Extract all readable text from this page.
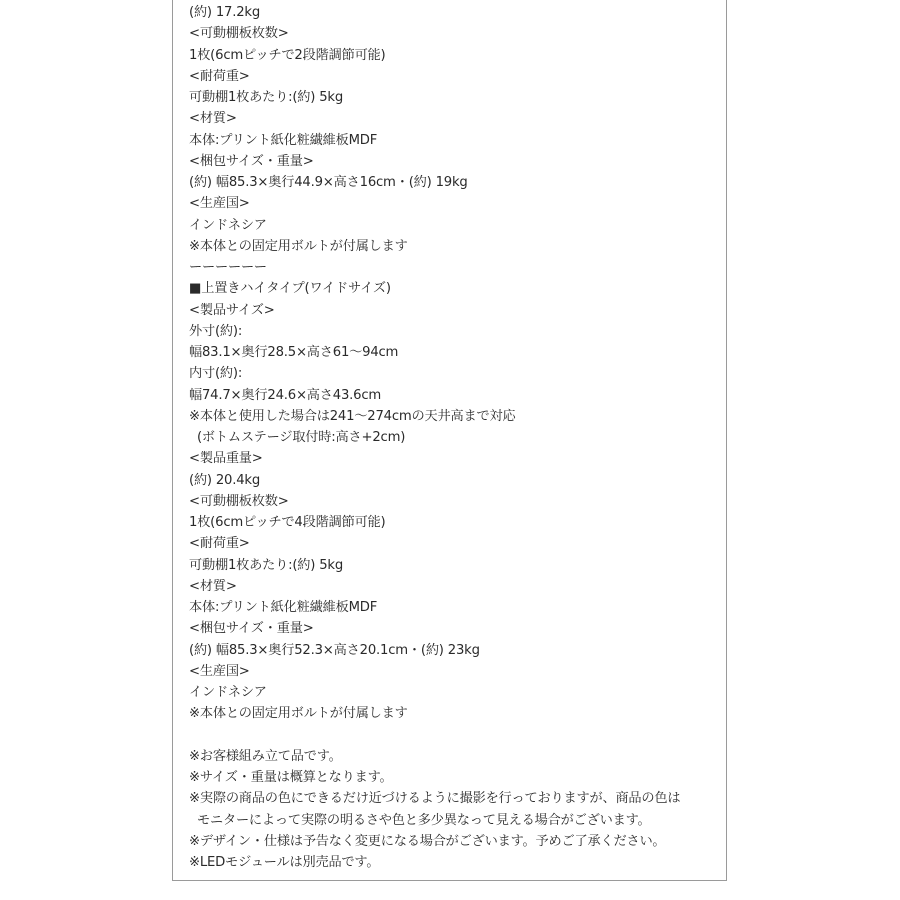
(約) 17.2kg
<可動棚板枚数>
1枚(6cmピッチで2段階調節可能)
<耐荷重>
可動棚1枚あたり:(約) 5kg
<材質>
本体:プリント紙化粧繊維板MDF
<梱包サイズ・重量>
(約) 幅85.3×奥行44.9×高さ16cm・(約) 19kg
<生産国>
インドネシア
※本体との固定用ボルトが付属します
ーーーーーー
■上置きハイタイプ(ワイドサイズ)
<製品サイズ>
外寸(約):
幅83.1×奥行28.5×高さ61〜94cm
内寸(約):
幅74.7×奥行24.6×高さ43.6cm
※本体と使用した場合は241〜274cmの天井高まで対応
(ボトムステージ取付時:高さ+2cm)
<製品重量>
(約) 20.4kg
<可動棚板枚数>
1枚(6cmピッチで4段階調節可能)
<耐荷重>
可動棚1枚あたり:(約) 5kg
<材質>
本体:プリント紙化粧繊維板MDF
<梱包サイズ・重量>
(約) 幅85.3×奥行52.3×高さ20.1cm・(約) 23kg
<生産国>
インドネシア
※本体との固定用ボルトが付属します
※お客様組み立て品です。
※サイズ・重量は概算となります。
※実際の商品の色にできるだけ近づけるように撮影を行っておりますが、商品の色は
モニターによって実際の明るさや色と多少異なって見える場合がございます。
※デザイン・仕様は予告なく変更になる場合がございます。予めご了承ください。
※LEDモジュールは別売品です。
